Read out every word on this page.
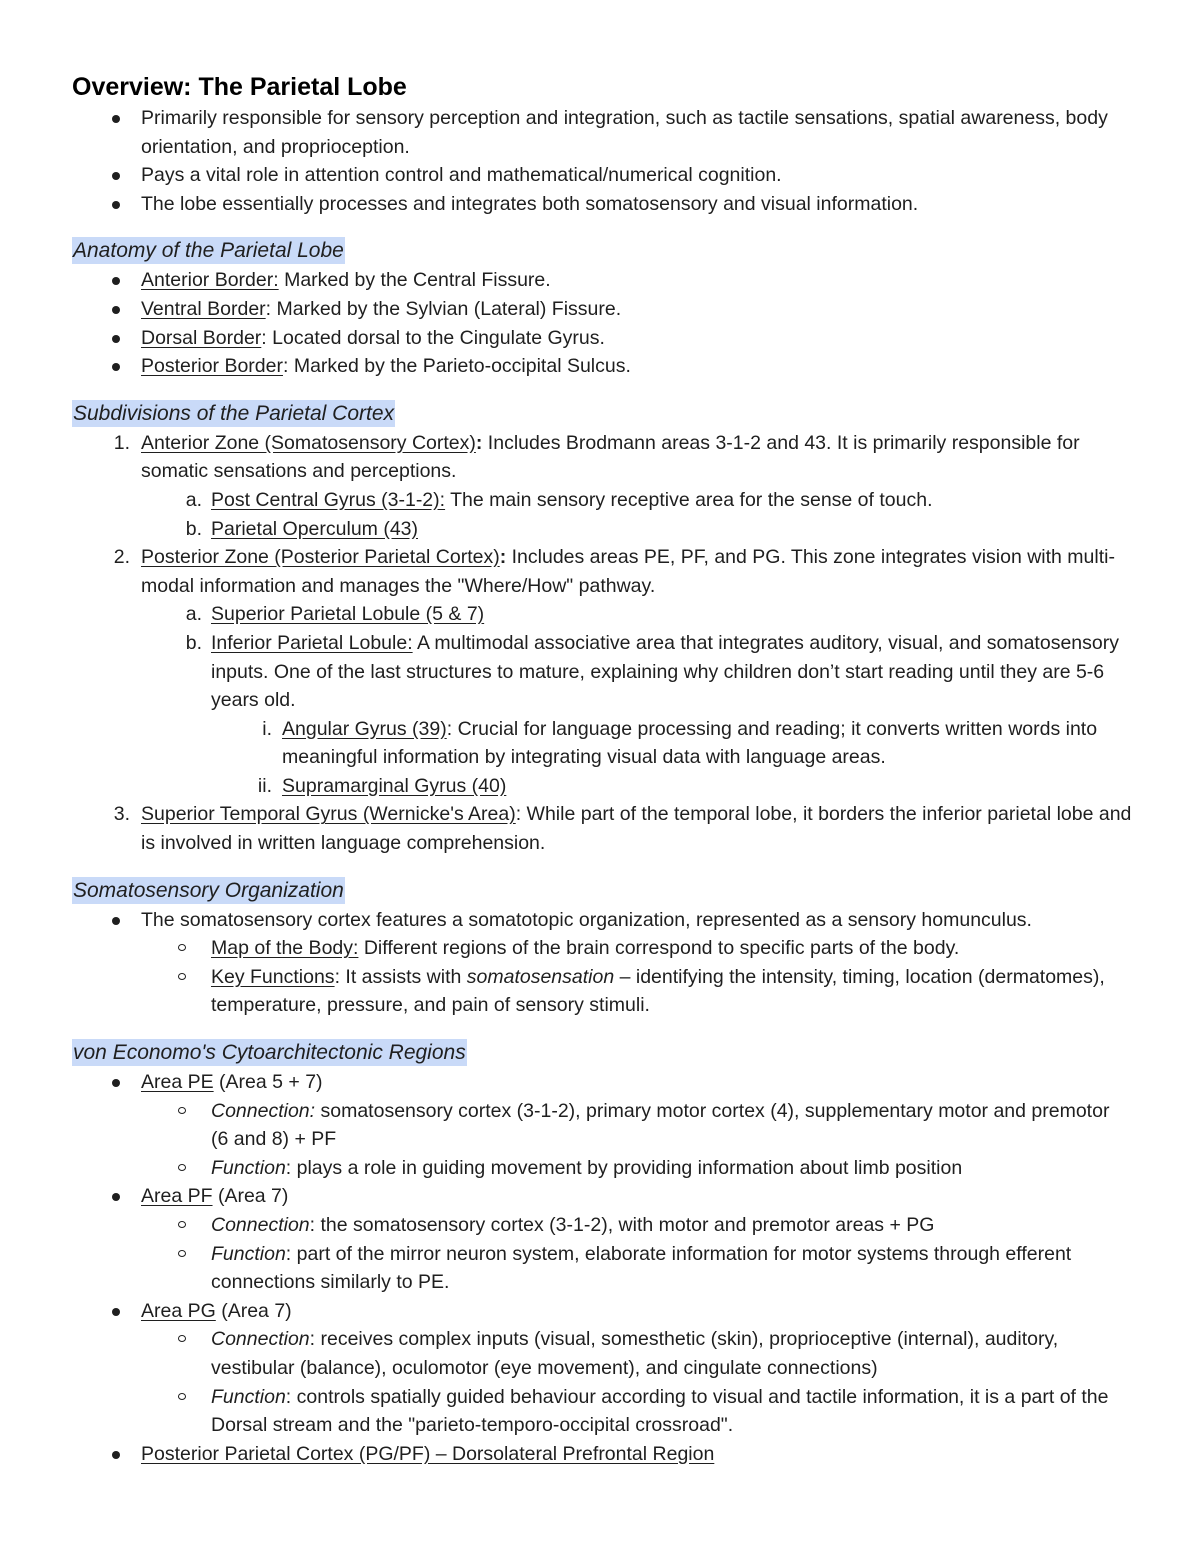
Overview: The Parietal Lobe
Primarily responsible for sensory perception and integration, such as tactile sensations, spatial awareness, body orientation, and proprioception.
Pays a vital role in attention control and mathematical/numerical cognition.
The lobe essentially processes and integrates both somatosensory and visual information.
Anatomy of the Parietal Lobe
Anterior Border: Marked by the Central Fissure.
Ventral Border: Marked by the Sylvian (Lateral) Fissure.
Dorsal Border: Located dorsal to the Cingulate Gyrus.
Posterior Border: Marked by the Parieto-occipital Sulcus.
Subdivisions of the Parietal Cortex
1. Anterior Zone (Somatosensory Cortex): Includes Brodmann areas 3-1-2 and 43. It is primarily responsible for somatic sensations and perceptions.
a. Post Central Gyrus (3-1-2): The main sensory receptive area for the sense of touch.
b. Parietal Operculum (43)
2. Posterior Zone (Posterior Parietal Cortex): Includes areas PE, PF, and PG. This zone integrates vision with multi-modal information and manages the "Where/How" pathway.
a. Superior Parietal Lobule (5 & 7)
b. Inferior Parietal Lobule: A multimodal associative area that integrates auditory, visual, and somatosensory inputs. One of the last structures to mature, explaining why children don’t start reading until they are 5-6 years old.
i. Angular Gyrus (39): Crucial for language processing and reading; it converts written words into meaningful information by integrating visual data with language areas.
ii. Supramarginal Gyrus (40)
3. Superior Temporal Gyrus (Wernicke's Area): While part of the temporal lobe, it borders the inferior parietal lobe and is involved in written language comprehension.
Somatosensory Organization
The somatosensory cortex features a somatotopic organization, represented as a sensory homunculus.
Map of the Body: Different regions of the brain correspond to specific parts of the body.
Key Functions: It assists with somatosensation – identifying the intensity, timing, location (dermatomes), temperature, pressure, and pain of sensory stimuli.
von Economo's Cytoarchitectonic Regions
Area PE (Area 5 + 7)
Connection: somatosensory cortex (3-1-2), primary motor cortex (4), supplementary motor and premotor (6 and 8) + PF
Function: plays a role in guiding movement by providing information about limb position
Area PF (Area 7)
Connection: the somatosensory cortex (3-1-2), with motor and premotor areas + PG
Function: part of the mirror neuron system, elaborate information for motor systems through efferent connections similarly to PE.
Area PG (Area 7)
Connection: receives complex inputs (visual, somesthetic (skin), proprioceptive (internal), auditory, vestibular (balance), oculomotor (eye movement), and cingulate connections)
Function: controls spatially guided behaviour according to visual and tactile information, it is a part of the Dorsal stream and the "parieto-temporo-occipital crossroad".
Posterior Parietal Cortex (PG/PF) – Dorsolateral Prefrontal Region
